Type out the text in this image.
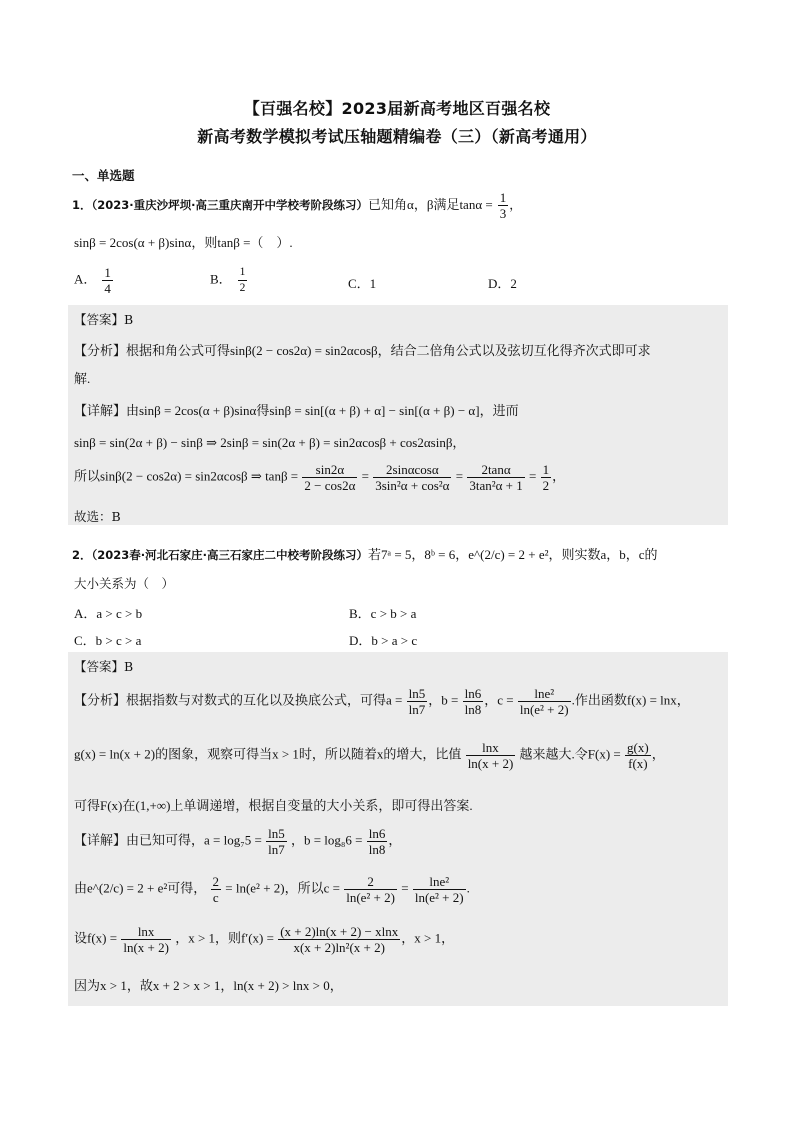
【百强名校】2023届新高考地区百强名校
新高考数学模拟考试压轴题精编卷（三）（新高考通用）
一、单选题
1．（2023·重庆沙坪坝·高三重庆南开中学校考阶段练习）已知角α，β满足$\tan\alpha = \frac{1}{3}$ ，
sinβ = 2cos(α + β)sinα，则tanβ =（　）.
A． $\frac{1}{4}$	B． $\frac{1}{2}$	C．1	D．2
【答案】B
【分析】根据和角公式可得sinβ(2 − cos2α) = sin2αcosβ，结合二倍角公式以及弦切互化得齐次式即可求
解.
【详解】由sinβ = 2cos(α + β)sinα得sinβ = sin[(α + β) + α] − sin[(α + β) − α]，进而
sinβ = sin(2α + β) − sinβ ⇒ 2sinβ = sin(2α + β) = sin2αcosβ + cos2αsinβ，
所以sinβ(2 − cos2α) = sin2αcosβ ⇒ $\tan\beta = \frac{\sin 2\alpha}{2 - \cos 2\alpha} = \frac{2\sin\alpha\cos\alpha}{\text{3sin²α + cos²α}} = \frac{2\tan\alpha}{\text{3tan²α + 1}} = \frac{1}{2}$ ，
故选：B
2．（2023春·河北石家庄·高三石家庄二中校考阶段练习）若7ᵃ = 5，8ᵇ = 6，e^(2/c) = 2 + e²，则实数a，b，c的
大小关系为（　）
A．a > c > b	B．c > b > a
C．b > c > a	D．b > a > c
【答案】B
【分析】根据指数与对数式的互化以及换底公式，可得$a = \frac{\ln 5}{\ln 7}$ ，$b = \frac{\ln 6}{\ln 8}$ ，$c = \frac{\text{lne²}}{\text{ln(e² + 2)}}$ .作出函数f(x) = lnx，
g(x) = ln(x + 2)的图象，观察可得当x > 1时，所以随着x的增大，比值 $\frac{\ln x}{\ln(x + 2)}$ 越来越大.令$F(x) = \frac{g(x)}{f(x)}$ ，
可得F(x)在(1,+∞)上单调递增，根据自变量的大小关系，即可得出答案.
【详解】由已知可得，$a = \log_75 = \frac{\ln 5}{\ln 7}$ ，$b = \log_86 = \frac{\ln 6}{\ln 8}$ ，
由e^(2/c) = 2 + e²可得， $\frac{2}{c} = \ln(e^2 + 2)$，所以$c = \frac{2}{\text{ln(e² + 2)}} = \frac{\text{lne²}}{\text{ln(e² + 2)}}$ .
设$f(x) = \frac{\ln x}{\ln(x + 2)}$ ，x > 1，则$f'(x) = \frac{(x + 2)\ln(x + 2) - xlnx}{\text{x(x + 2)ln²(x + 2)}}$ ，x > 1，
因为x > 1，故x + 2 > x > 1，ln(x + 2) > lnx > 0，
